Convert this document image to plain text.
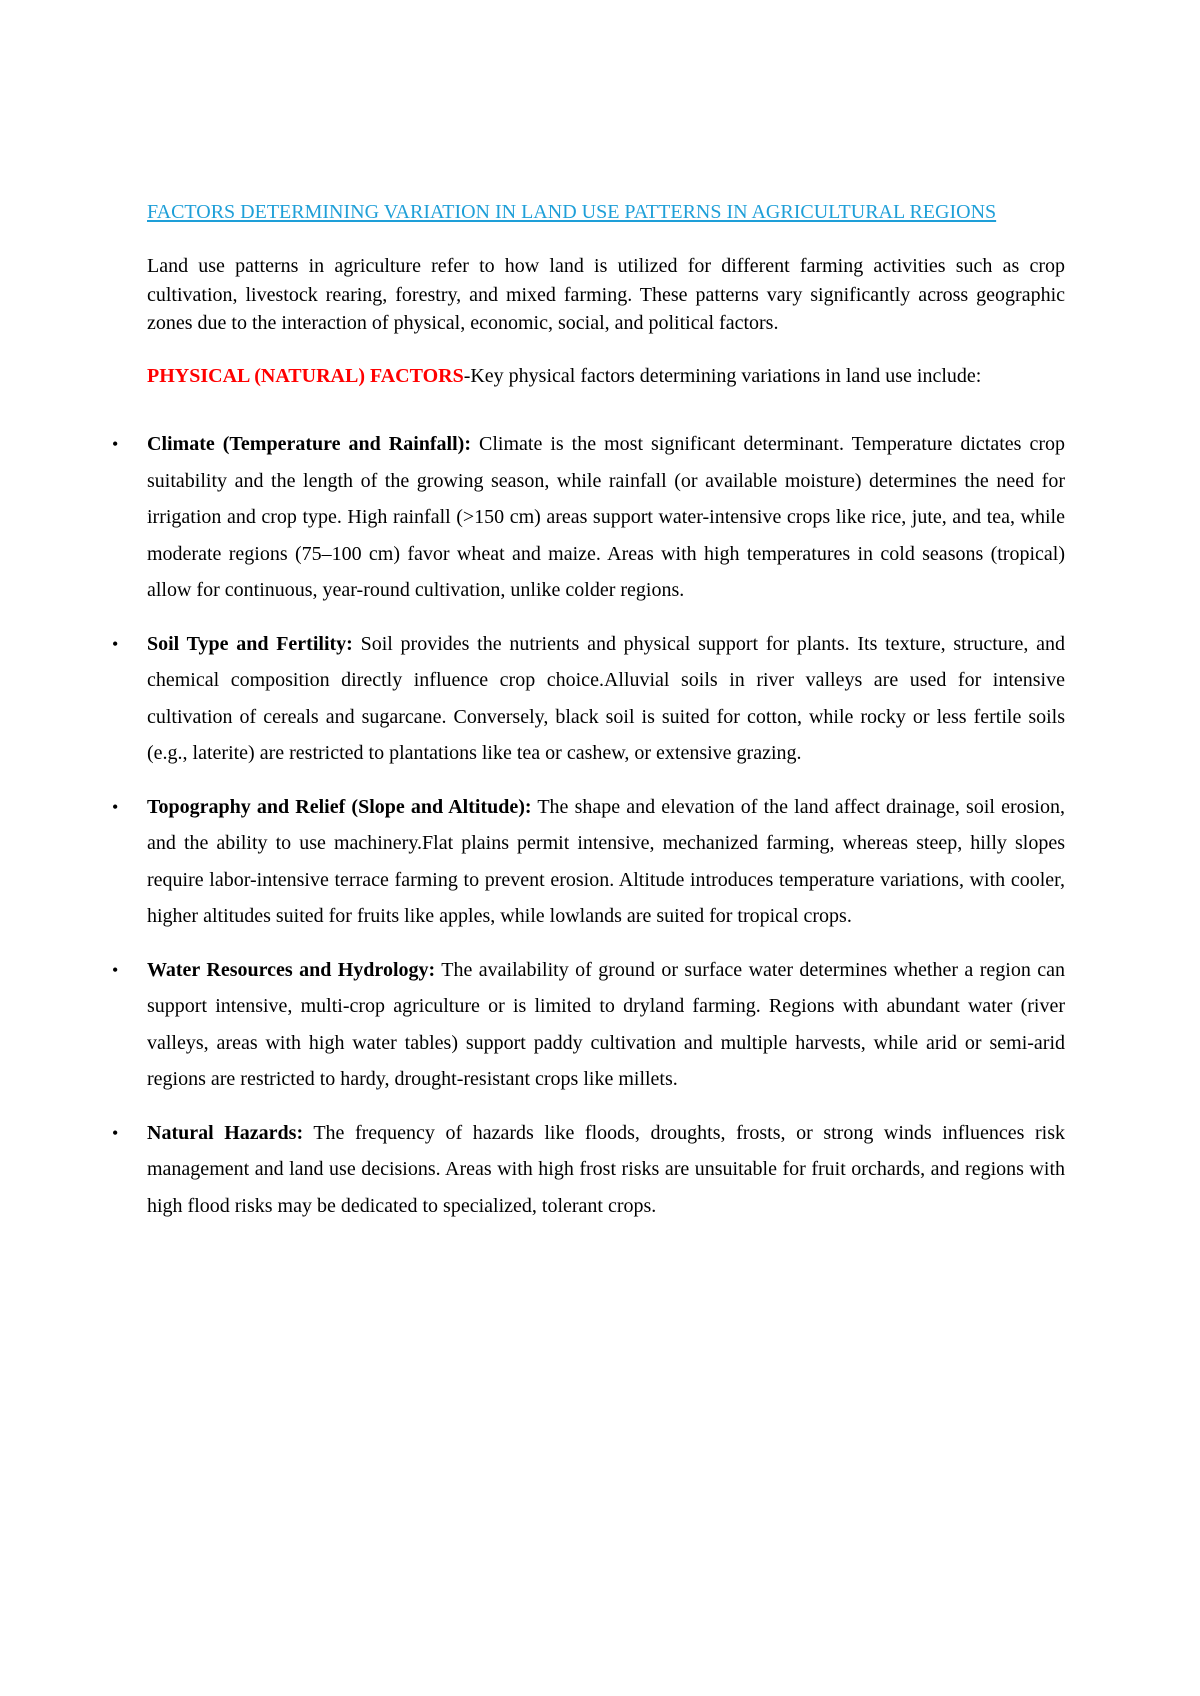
FACTORS DETERMINING VARIATION IN LAND USE PATTERNS IN AGRICULTURAL REGIONS

Land use patterns in agriculture refer to how land is utilized for different farming activities such as crop cultivation, livestock rearing, forestry, and mixed farming. These patterns vary significantly across geographic zones due to the interaction of physical, economic, social, and political factors.

PHYSICAL (NATURAL) FACTORS-Key physical factors determining variations in land use include:

• Climate (Temperature and Rainfall): Climate is the most significant determinant. Temperature dictates crop suitability and the length of the growing season, while rainfall (or available moisture) determines the need for irrigation and crop type. High rainfall (>150 cm) areas support water-intensive crops like rice, jute, and tea, while moderate regions (75–100 cm) favor wheat and maize. Areas with high temperatures in cold seasons (tropical) allow for continuous, year-round cultivation, unlike colder regions.
• Soil Type and Fertility: Soil provides the nutrients and physical support for plants. Its texture, structure, and chemical composition directly influence crop choice.Alluvial soils in river valleys are used for intensive cultivation of cereals and sugarcane. Conversely, black soil is suited for cotton, while rocky or less fertile soils (e.g., laterite) are restricted to plantations like tea or cashew, or extensive grazing.
• Topography and Relief (Slope and Altitude): The shape and elevation of the land affect drainage, soil erosion, and the ability to use machinery.Flat plains permit intensive, mechanized farming, whereas steep, hilly slopes require labor-intensive terrace farming to prevent erosion. Altitude introduces temperature variations, with cooler, higher altitudes suited for fruits like apples, while lowlands are suited for tropical crops.
• Water Resources and Hydrology: The availability of ground or surface water determines whether a region can support intensive, multi-crop agriculture or is limited to dryland farming. Regions with abundant water (river valleys, areas with high water tables) support paddy cultivation and multiple harvests, while arid or semi-arid regions are restricted to hardy, drought-resistant crops like millets.
• Natural Hazards: The frequency of hazards like floods, droughts, frosts, or strong winds influences risk management and land use decisions. Areas with high frost risks are unsuitable for fruit orchards, and regions with high flood risks may be dedicated to specialized, tolerant crops.
